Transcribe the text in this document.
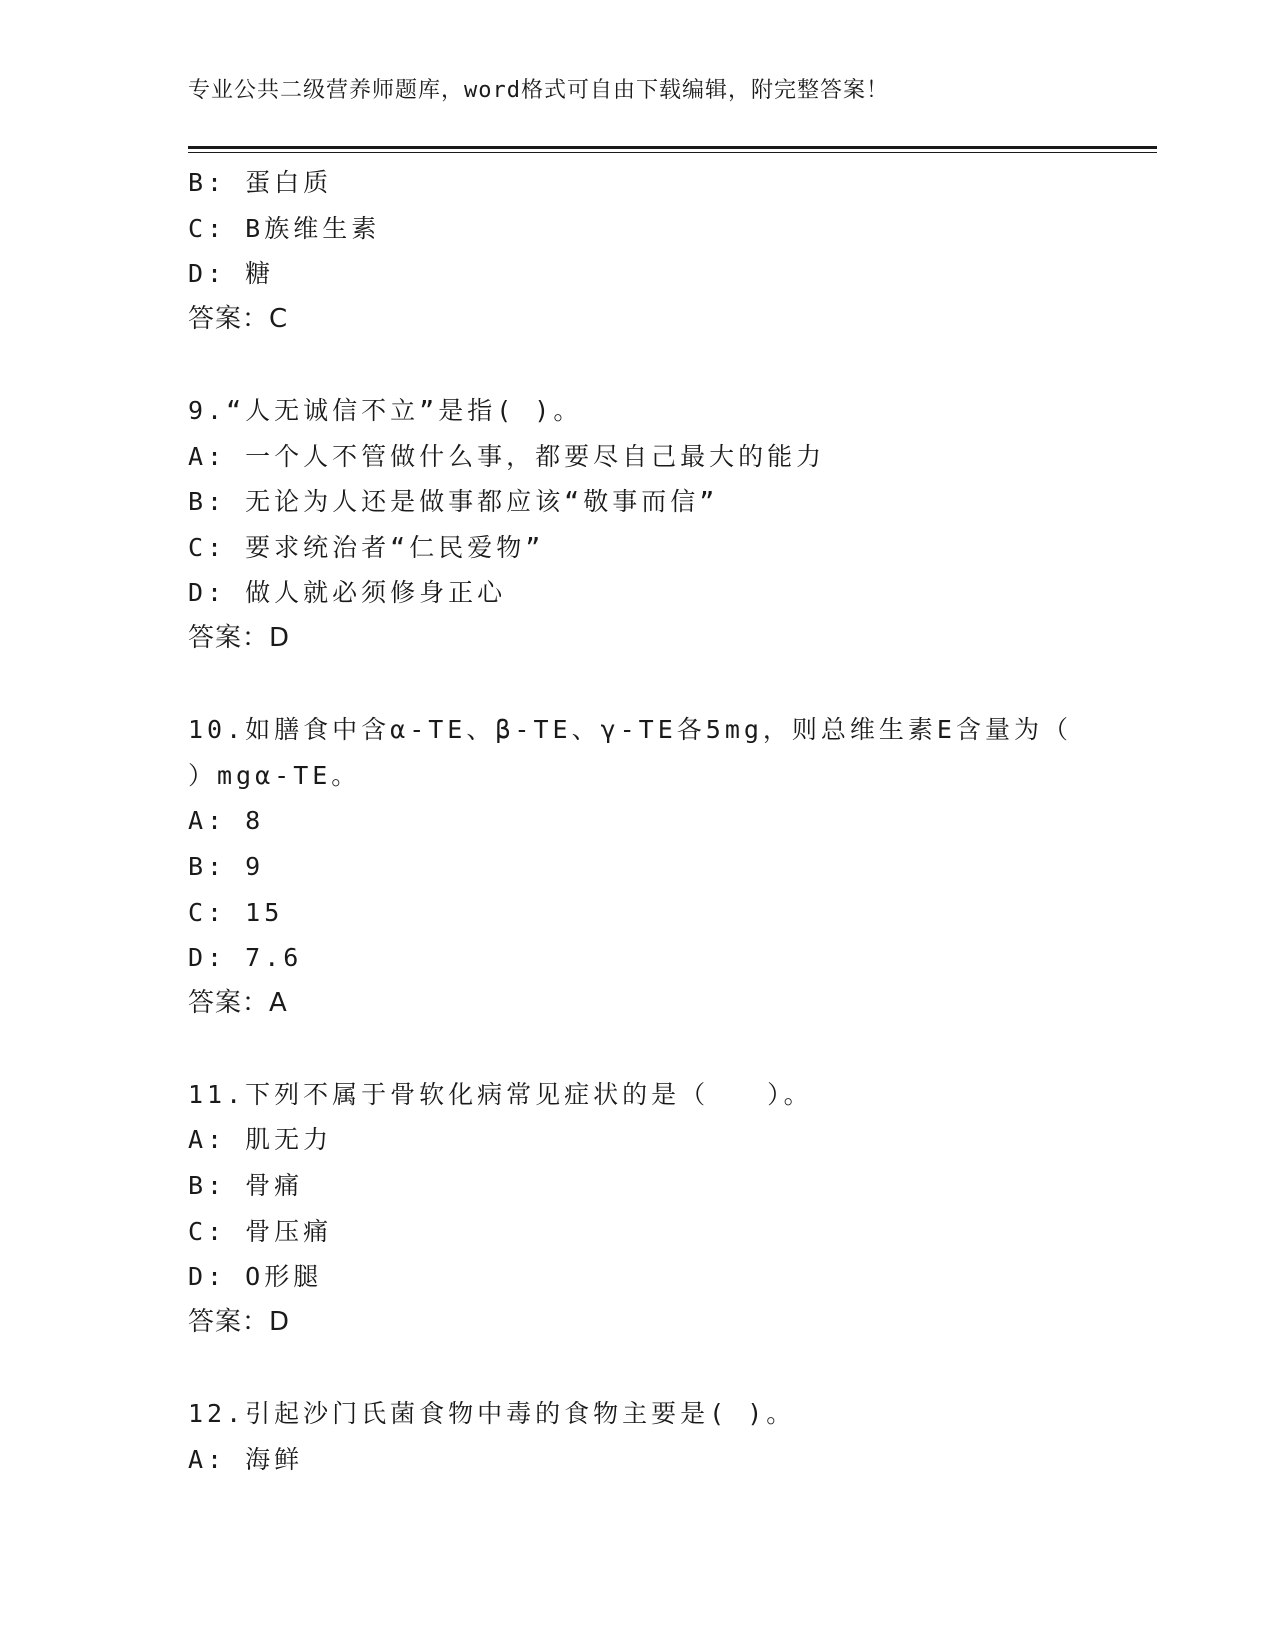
专业公共二级营养师题库，word格式可自由下载编辑，附完整答案！
B: 蛋白质
C: B族维生素
D: 糖
答案：C
9.“人无诚信不立”是指( )。
A: 一个人不管做什么事，都要尽自己最大的能力
B: 无论为人还是做事都应该“敬事而信”
C: 要求统治者“仁民爱物”
D: 做人就必须修身正心
答案：D
10.如膳食中含α-TE、β-TE、γ-TE各5mg，则总维生素E含量为（
）mgα-TE。
A: 8
B: 9
C: 15
D: 7.6
答案：A
11.下列不属于骨软化病常见症状的是（　　）。
A: 肌无力
B: 骨痛
C: 骨压痛
D: O形腿
答案：D
12.引起沙门氏菌食物中毒的食物主要是( )。
A: 海鲜
